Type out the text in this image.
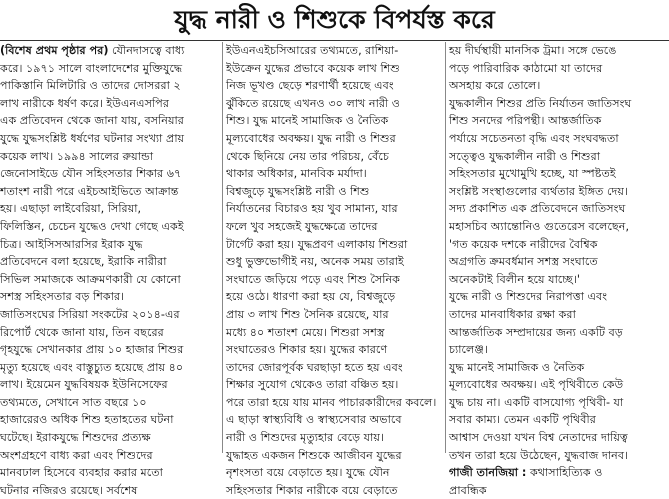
যুদ্ধ নারী ও শিশুকে বিপর্যস্ত করে
(বিশেষ প্রথম পৃষ্ঠার পর) যৌনদাসত্বে বাধ্য
করে। ১৯৭১ সালে বাংলাদেশের মুক্তিযুদ্ধে
পাকিস্তানি মিলিটারি ও তাদের দোসররা ২
লাখ নারীকে ধর্ষণ করে। ইউএনএসপির
এক প্রতিবেদন থেকে জানা যায়, বসনিয়ার
যুদ্ধে যুদ্ধসংশ্লিষ্ট ধর্ষণের ঘটনার সংখ্যা প্রায়
কয়েক লাখ। ১৯৯৪ সালের রুয়ান্ডা
জেনোসাইডে যৌন সহিংসতার শিকার ৬৭
শতাংশ নারী পরে এইচআইভিতে আক্রান্ত
হয়। এছাড়া লাইবেরিয়া, সিরিয়া,
ফিলিস্তিন, চেচেন যুদ্ধেও দেখা গেছে একই
চিত্র। আইসিসআরসির ইরাক যুদ্ধ
প্রতিবেদনে বলা হয়েছে, ইরাকি নারীরা
সিভিল সমাজকে আক্রমণকারী যে কোনো
সশস্ত্র সহিংসতার বড় শিকার।
জাতিসংঘের সিরিয়া সংকটের ২০১৪-এর
রিপোর্ট থেকে জানা যায়, তিন বছরের
গৃহযুদ্ধে সেখানকার প্রায় ১০ হাজার শিশুর
মৃত্যু হয়েছে এবং বাস্তুচ্যুত হয়েছে প্রায় ৪০
লাখ। ইয়েমেন যুদ্ধবিষয়ক ইউনিসেফের
তথ্যমতে, সেখানে সাত বছরে ১০
হাজারেরও অধিক শিশু হতাহতের ঘটনা
ঘটেছে। ইরাকযুদ্ধে শিশুদের প্রত্যক্ষ
অংশগ্রহণে বাধ্য করা এবং শিশুদের
মানবঢাল হিসেবে ব্যবহার করার মতো
ঘটনার নজিরও রয়েছে। সর্বশেষ
ইউএনএইচসিআরের তথ্যমতে, রাশিয়া-
ইউক্রেন যুদ্ধের প্রভাবে কয়েক লাখ শিশু
নিজ ভূখণ্ড ছেড়ে শরণার্থী হয়েছে এবং
ঝুঁকিতে রয়েছে এখনও ৩০ লাখ নারী ও
শিশু। যুদ্ধ মানেই সামাজিক ও নৈতিক
মূল্যবোধের অবক্ষয়। যুদ্ধ নারী ও শিশুর
থেকে ছিনিয়ে নেয় তার পরিচয়, বেঁচে
থাকার অধিকার, মানবিক মর্যাদা।
বিশ্বজুড়ে যুদ্ধসংশ্লিষ্ট নারী ও শিশু
নির্যাতনের বিচারও হয় খুব সামান্য, যার
ফলে খুব সহজেই যুদ্ধক্ষেত্রে তাদের
টার্গেট করা হয়। যুদ্ধপ্রবণ এলাকায় শিশুরা
শুধু ভুক্তভোগীই নয়, অনেক সময় তারাই
সংঘাতে জড়িয়ে পড়ে এবং শিশু সৈনিক
হয়ে ওঠে। ধারণা করা হয় যে, বিশ্বজুড়ে
প্রায় ৩ লাখ শিশু সৈনিক রয়েছে, যার
মধ্যে ৪০ শতাংশ মেয়ে। শিশুরা সশস্ত্র
সংঘাতেরও শিকার হয়। যুদ্ধের কারণে
তাদের জোরপূর্বক ঘরছাড়া হতে হয় এবং
শিক্ষার সুযোগ থেকেও তারা বঞ্চিত হয়।
পরে তারা হয়ে যায় মানব পাচারকারীদের কবলে।
এ ছাড়া স্বাস্থ্যবিধি ও স্বাস্থ্যসেবার অভাবে
নারী ও শিশুদের মৃত্যুহার বেড়ে যায়।
যুদ্ধাহত একজন শিশুকে আজীবন যুদ্ধের
নৃশংসতা বয়ে বেড়াতে হয়। যুদ্ধে যৌন
সহিংসতার শিকার নারীকে বয়ে বেড়াতে
হয় দীর্ঘস্থায়ী মানসিক ট্রমা। সঙ্গে ভেঙে
পড়ে পারিবারিক কাঠামো যা তাদের
অসহায় করে তোলে।
যুদ্ধকালীন শিশুর প্রতি নির্যাতন জাতিসংঘ
শিশু সনদের পরিপন্থী। আন্তর্জাতিক
পর্যায়ে সচেতনতা বৃদ্ধি এবং সংঘবদ্ধতা
সত্ত্বেও যুদ্ধকালীন নারী ও শিশুরা
সহিংসতার মুখোমুখি হচ্ছে, যা স্পষ্টতই
সংশ্লিষ্ট সংস্থাগুলোর ব্যর্থতার ইঙ্গিত দেয়।
সদ্য প্রকাশিত এক প্রতিবেদনে জাতিসংঘ
মহাসচিব অ্যান্তোনিও গুতেরেস বলেছেন,
'গত কয়েক দশকে নারীদের বৈশ্বিক
অগ্রগতি ক্রমবর্ধমান সশস্ত্র সংঘাতে
অনেকটাই বিলীন হয়ে যাচ্ছে।'
যুদ্ধে নারী ও শিশুদের নিরাপত্তা এবং
তাদের মানবাধিকার রক্ষা করা
আন্তর্জাতিক সম্প্রদায়ের জন্য একটি বড়
চ্যালেঞ্জ।
যুদ্ধ মানেই সামাজিক ও নৈতিক
মূল্যবোধের অবক্ষয়। এই পৃথিবীতে কেউ
যুদ্ধ চায় না। একটি বাসযোগ্য পৃথিবী- যা
সবার কাম্য। তেমন একটি পৃথিবীর
আশ্বাস দেওয়া যখন বিশ্ব নেতাদের দায়িত্ব
তখন তারা হয়ে উঠেছেন, যুদ্ধবাজ দানব।
গাজী তানজিয়া : কথাসাহিত্যিক ও
প্রাবন্ধিক
